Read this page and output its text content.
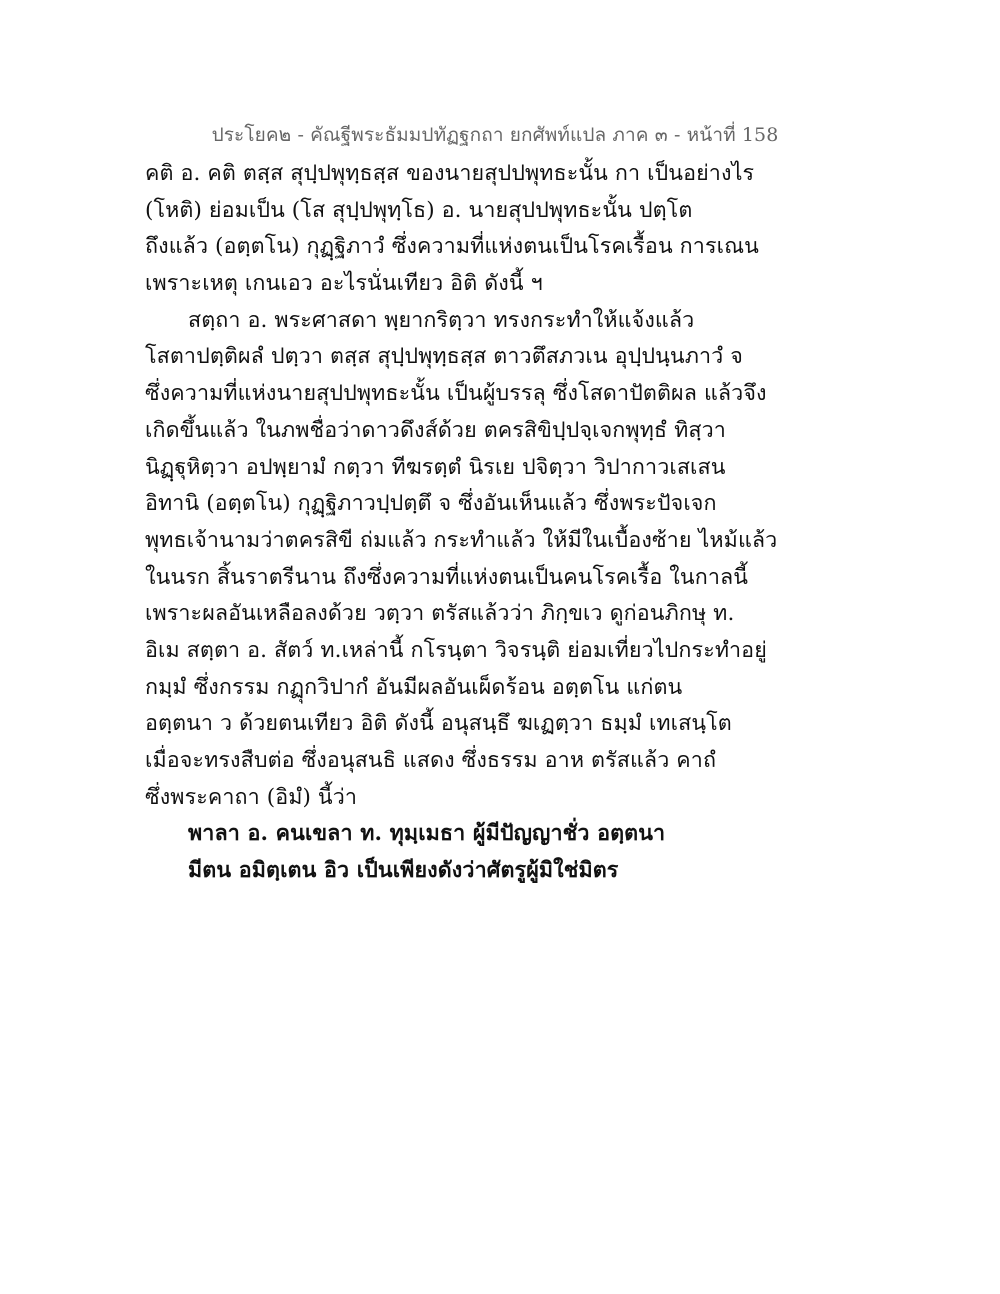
ประโยค๒ - คัณฐีพระธัมมปทัฏฐกถา ยกศัพท์แปล ภาค ๓ - หน้าที่ 158
คติ อ. คติ ตสฺส สุปฺปพุทฺธสฺส ของนายสุปปพุทธะนั้น กา เป็นอย่างไร
(โหติ) ย่อมเป็น (โส สุปฺปพุทฺโธ) อ. นายสุปปพุทธะนั้น ปตฺโต
ถึงแล้ว (อตฺตโน) กุฏฺฐิภาวํ ซึ่งความที่แห่งตนเป็นโรคเรื้อน การเณน
เพราะเหตุ เกนเอว อะไรนั่นเทียว อิติ ดังนี้ ฯ
สตฺถา อ. พระศาสดา พฺยากริตฺวา ทรงกระทำให้แจ้งแล้ว
โสตาปตฺติผลํ ปตฺวา ตสฺส สุปฺปพุทฺธสฺส ตาวตึสภวเน อุปฺปนฺนภาวํ จ
ซึ่งความที่แห่งนายสุปปพุทธะนั้น เป็นผู้บรรลุ ซึ่งโสดาปัตติผล แล้วจึง
เกิดขึ้นแล้ว ในภพชื่อว่าดาวดึงส์ด้วย ตครสิขิปฺปจฺเจกพุทฺธํ ทิสฺวา
นิฏฺฐุหิตฺวา อปพฺยามํ กตฺวา ทีฆรตฺตํ นิรเย ปจิตฺวา วิปากาวเสเสน
อิทานิ (อตฺตโน) กุฏฺฐิภาวปฺปตฺตึ จ ซึ่งอันเห็นแล้ว ซึ่งพระปัจเจก
พุทธเจ้านามว่าตครสิขี ถ่มแล้ว กระทำแล้ว ให้มีในเบื้องซ้าย ไหม้แล้ว
ในนรก สิ้นราตรีนาน ถึงซึ่งความที่แห่งตนเป็นคนโรคเรื้อ ในกาลนี้
เพราะผลอันเหลือลงด้วย วตฺวา ตรัสแล้วว่า ภิกฺขเว ดูก่อนภิกษุ ท.
อิเม สตฺตา อ. สัตว์ ท.เหล่านี้ กโรนฺตา วิจรนฺติ ย่อมเที่ยวไปกระทำอยู่
กมฺมํ ซึ่งกรรม กฏุกวิปากํ อันมีผลอันเผ็ดร้อน อตฺตโน แก่ตน
อตฺตนา ว ด้วยตนเทียว อิติ ดังนี้ อนุสนฺธึ ฆเฏตฺวา ธมฺมํ เทเสนฺโต
เมื่อจะทรงสืบต่อ ซึ่งอนุสนธิ แสดง ซึ่งธรรม อาห ตรัสแล้ว คาถํ
ซึ่งพระคาถา (อิมํ) นี้ว่า
พาลา อ. คนเขลา ท. ทุมฺเมธา ผู้มีปัญญาชั่ว อตฺตนา
มีตน อมิตฺเตน อิว เป็นเพียงดังว่าศัตรูผู้มิใช่มิตร
